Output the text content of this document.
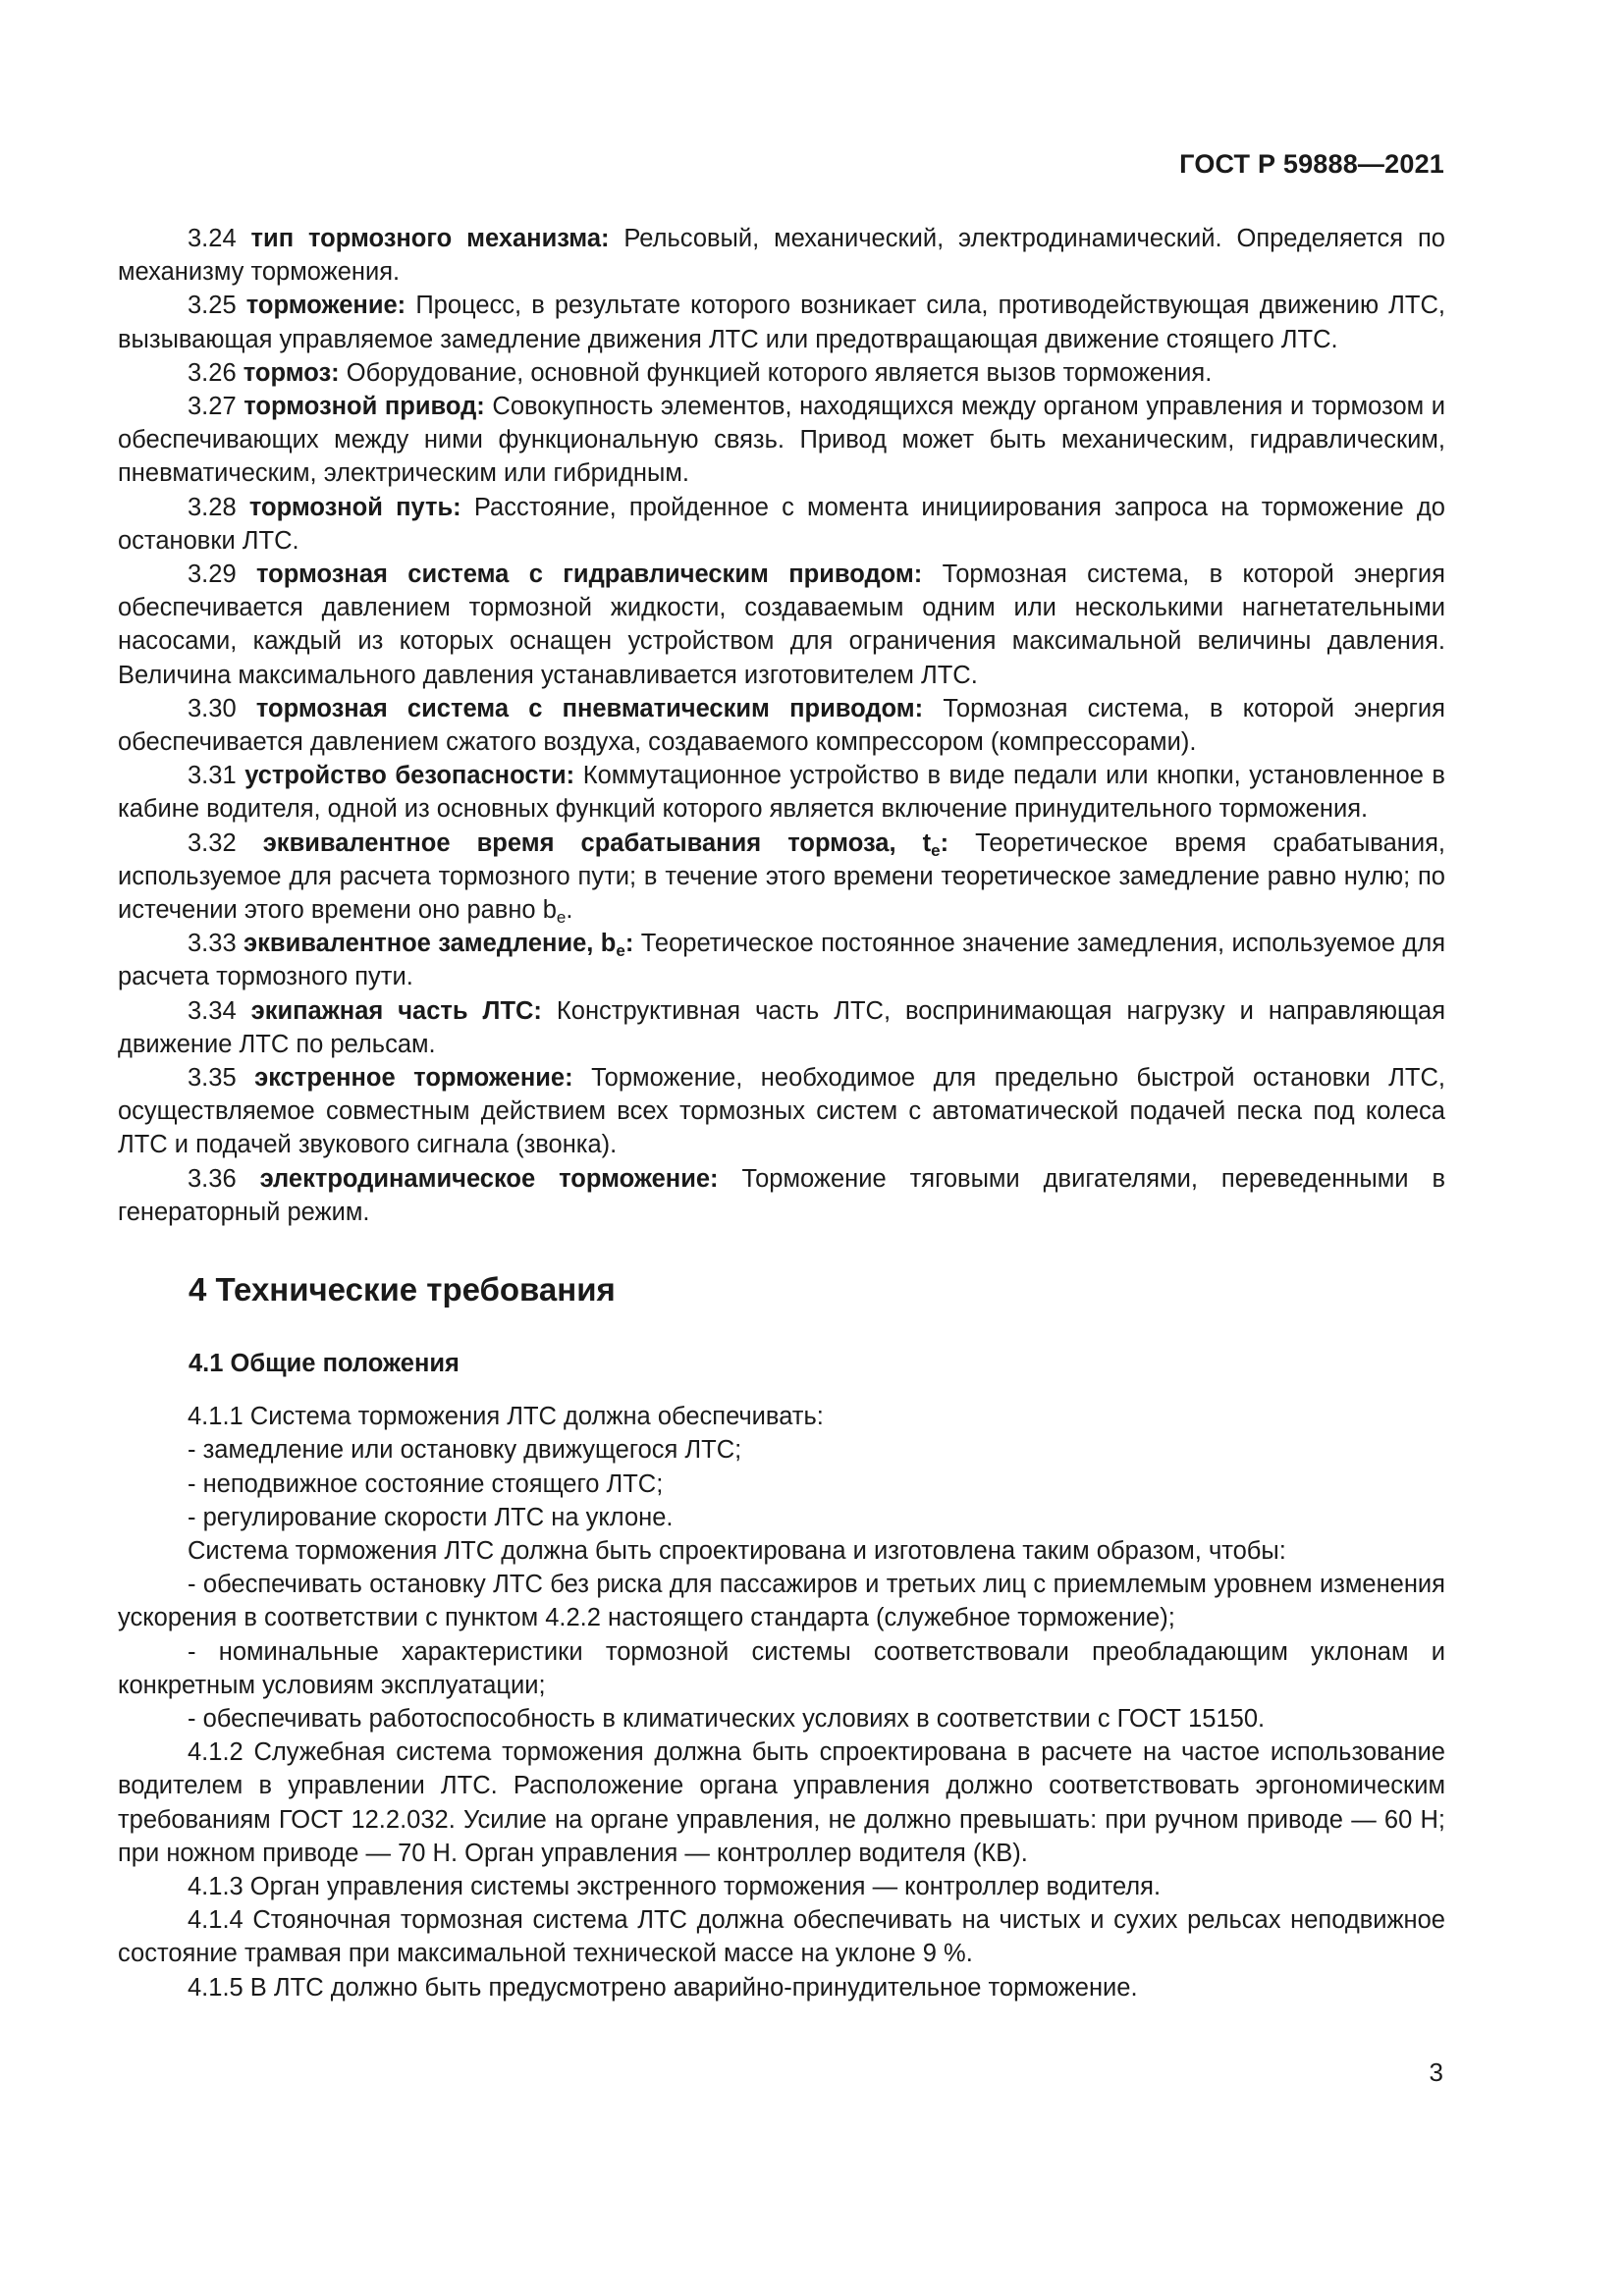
ГОСТ Р 59888—2021

3.24 тип тормозного механизма: Рельсовый, механический, электродинамический. Определяется по механизму торможения.

3.25 торможение: Процесс, в результате которого возникает сила, противодействующая движению ЛТС, вызывающая управляемое замедление движения ЛТС или предотвращающая движение стоящего ЛТС.

3.26 тормоз: Оборудование, основной функцией которого является вызов торможения.

3.27 тормозной привод: Совокупность элементов, находящихся между органом управления и тормозом и обеспечивающих между ними функциональную связь. Привод может быть механическим, гидравлическим, пневматическим, электрическим или гибридным.

3.28 тормозной путь: Расстояние, пройденное с момента инициирования запроса на торможение до остановки ЛТС.

3.29 тормозная система с гидравлическим приводом: Тормозная система, в которой энергия обеспечивается давлением тормозной жидкости, создаваемым одним или несколькими нагнетательными насосами, каждый из которых оснащен устройством для ограничения максимальной величины давления. Величина максимального давления устанавливается изготовителем ЛТС.

3.30 тормозная система с пневматическим приводом: Тормозная система, в которой энергия обеспечивается давлением сжатого воздуха, создаваемого компрессором (компрессорами).

3.31 устройство безопасности: Коммутационное устройство в виде педали или кнопки, установленное в кабине водителя, одной из основных функций которого является включение принудительного торможения.

3.32 эквивалентное время срабатывания тормоза, $t_e$: Теоретическое время срабатывания, используемое для расчета тормозного пути; в течение этого времени теоретическое замедление равно нулю; по истечении этого времени оно равно be.

3.33 эквивалентное замедление, $b_e$: Теоретическое постоянное значение замедления, используемое для расчета тормозного пути.

3.34 экипажная часть ЛТС: Конструктивная часть ЛТС, воспринимающая нагрузку и направляющая движение ЛТС по рельсам.

3.35 экстренное торможение: Торможение, необходимое для предельно быстрой остановки ЛТС, осуществляемое совместным действием всех тормозных систем с автоматической подачей песка под колеса ЛТС и подачей звукового сигнала (звонка).

3.36 электродинамическое торможение: Торможение тяговыми двигателями, переведенными в генераторный режим.

4 Технические требования
4.1 Общие положения

4.1.1 Система торможения ЛТС должна обеспечивать:

- замедление или остановку движущегося ЛТС;

- неподвижное состояние стоящего ЛТС;

- регулирование скорости ЛТС на уклоне.

Система торможения ЛТС должна быть спроектирована и изготовлена таким образом, чтобы:

- обеспечивать остановку ЛТС без риска для пассажиров и третьих лиц с приемлемым уровнем изменения ускорения в соответствии с пунктом 4.2.2 настоящего стандарта (служебное торможение);

- номинальные характеристики тормозной системы соответствовали преобладающим уклонам и конкретным условиям эксплуатации;

- обеспечивать работоспособность в климатических условиях в соответствии с ГОСТ 15150.

4.1.2 Служебная система торможения должна быть спроектирована в расчете на частое использование водителем в управлении ЛТС. Расположение органа управления должно соответствовать эргономическим требованиям ГОСТ 12.2.032. Усилие на органе управления, не должно превышать: при ручном приводе — 60 Н; при ножном приводе — 70 Н. Орган управления — контроллер водителя (КВ).

4.1.3 Орган управления системы экстренного торможения — контроллер водителя.

4.1.4 Стояночная тормозная система ЛТС должна обеспечивать на чистых и сухих рельсах неподвижное состояние трамвая при максимальной технической массе на уклоне 9 %.

4.1.5 В ЛТС должно быть предусмотрено аварийно-принудительное торможение.

3
